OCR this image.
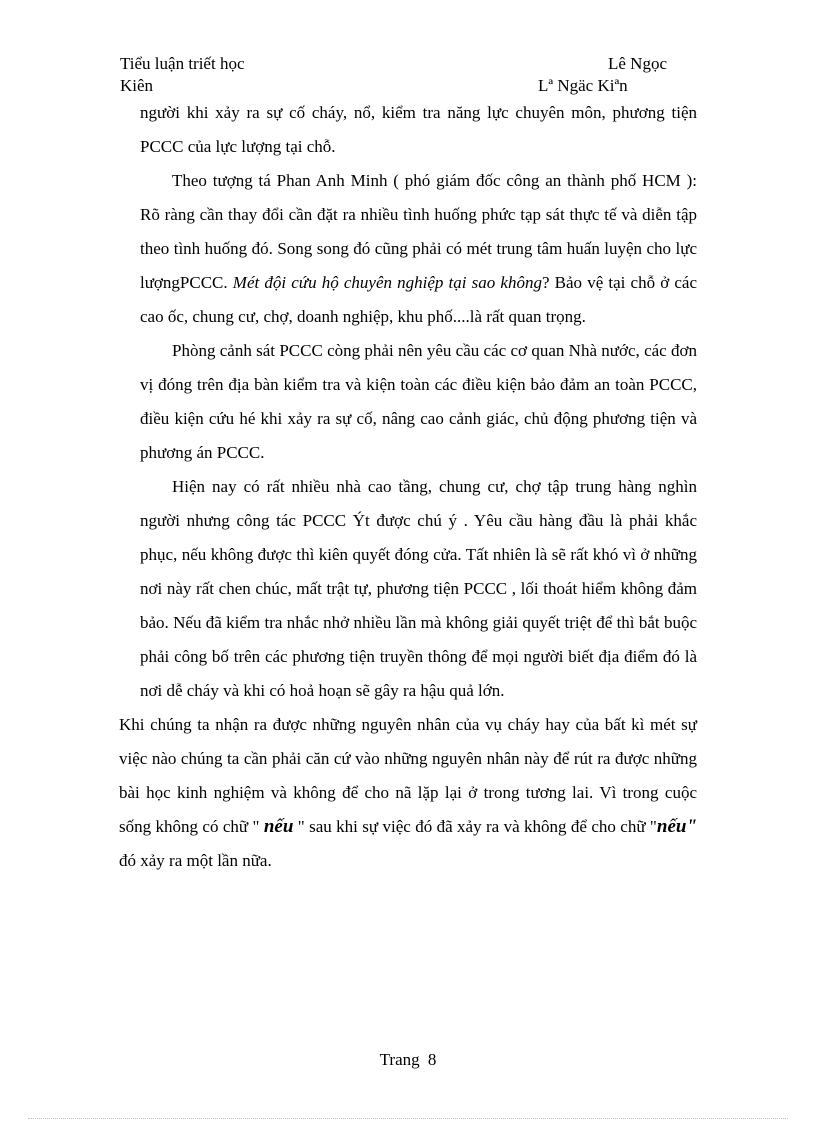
Tiểu luận triết học
Kiên
Lê Ngọc
Lª Ngäc Kiªn

người khi xảy ra sự cố cháy, nổ, kiểm tra năng lực chuyên môn, phương tiện PCCC của lực lượng tại chỗ.

Theo tượng tá Phan Anh Minh ( phó giám đốc công an thành phố HCM ): Rõ ràng cần thay đổi cần đặt ra nhiều tình huống phức tạp sát thực tế và diễn tập theo tình huống đó. Song song đó cũng phải có mét trung tâm huấn luyện cho lực lượngPCCC. Mét đội cứu hộ chuyên nghiệp tại sao không? Bảo vệ tại chỗ ở các cao ốc, chung cư, chợ, doanh nghiệp, khu phố....là rất quan trọng.

Phòng cảnh sát PCCC còng phải nên yêu cầu các cơ quan Nhà nước, các đơn vị đóng trên địa bàn kiểm tra và kiện toàn các điều kiện bảo đảm an toàn PCCC, điều kiện cứu hé khi xảy ra sự cố, nâng cao cảnh giác, chủ động phương tiện và phương án PCCC.

Hiện nay có rất nhiều nhà cao tầng, chung cư, chợ tập trung hàng nghìn người nhưng công tác PCCC Ýt được chú ý . Yêu cầu hàng đầu là phải khắc phục, nếu không được thì kiên quyết đóng cửa. Tất nhiên là sẽ rất khó vì ở những nơi này rất chen chúc, mất trật tự, phương tiện PCCC , lối thoát hiểm không đảm bảo. Nếu đã kiểm tra nhắc nhở nhiều lần mà không giải quyết triệt để thì bắt buộc phải công bố trên các phương tiện truyền thông để mọi người biết địa điểm đó là nơi dễ cháy và khi có hoả hoạn sẽ gây ra hậu quả lớn.

Khi chúng ta nhận ra được những nguyên nhân của vụ cháy hay của bất kì mét sự việc nào chúng ta cần phải căn cứ vào những nguyên nhân này để rút ra được những bài học kinh nghiệm và không để cho nã lặp lại ở trong tương lai. Vì trong cuộc sống không có chữ " nếu " sau khi sự việc đó đã xảy ra và không để cho chữ "nếu" đó xảy ra một lần nữa.

Trang 8
